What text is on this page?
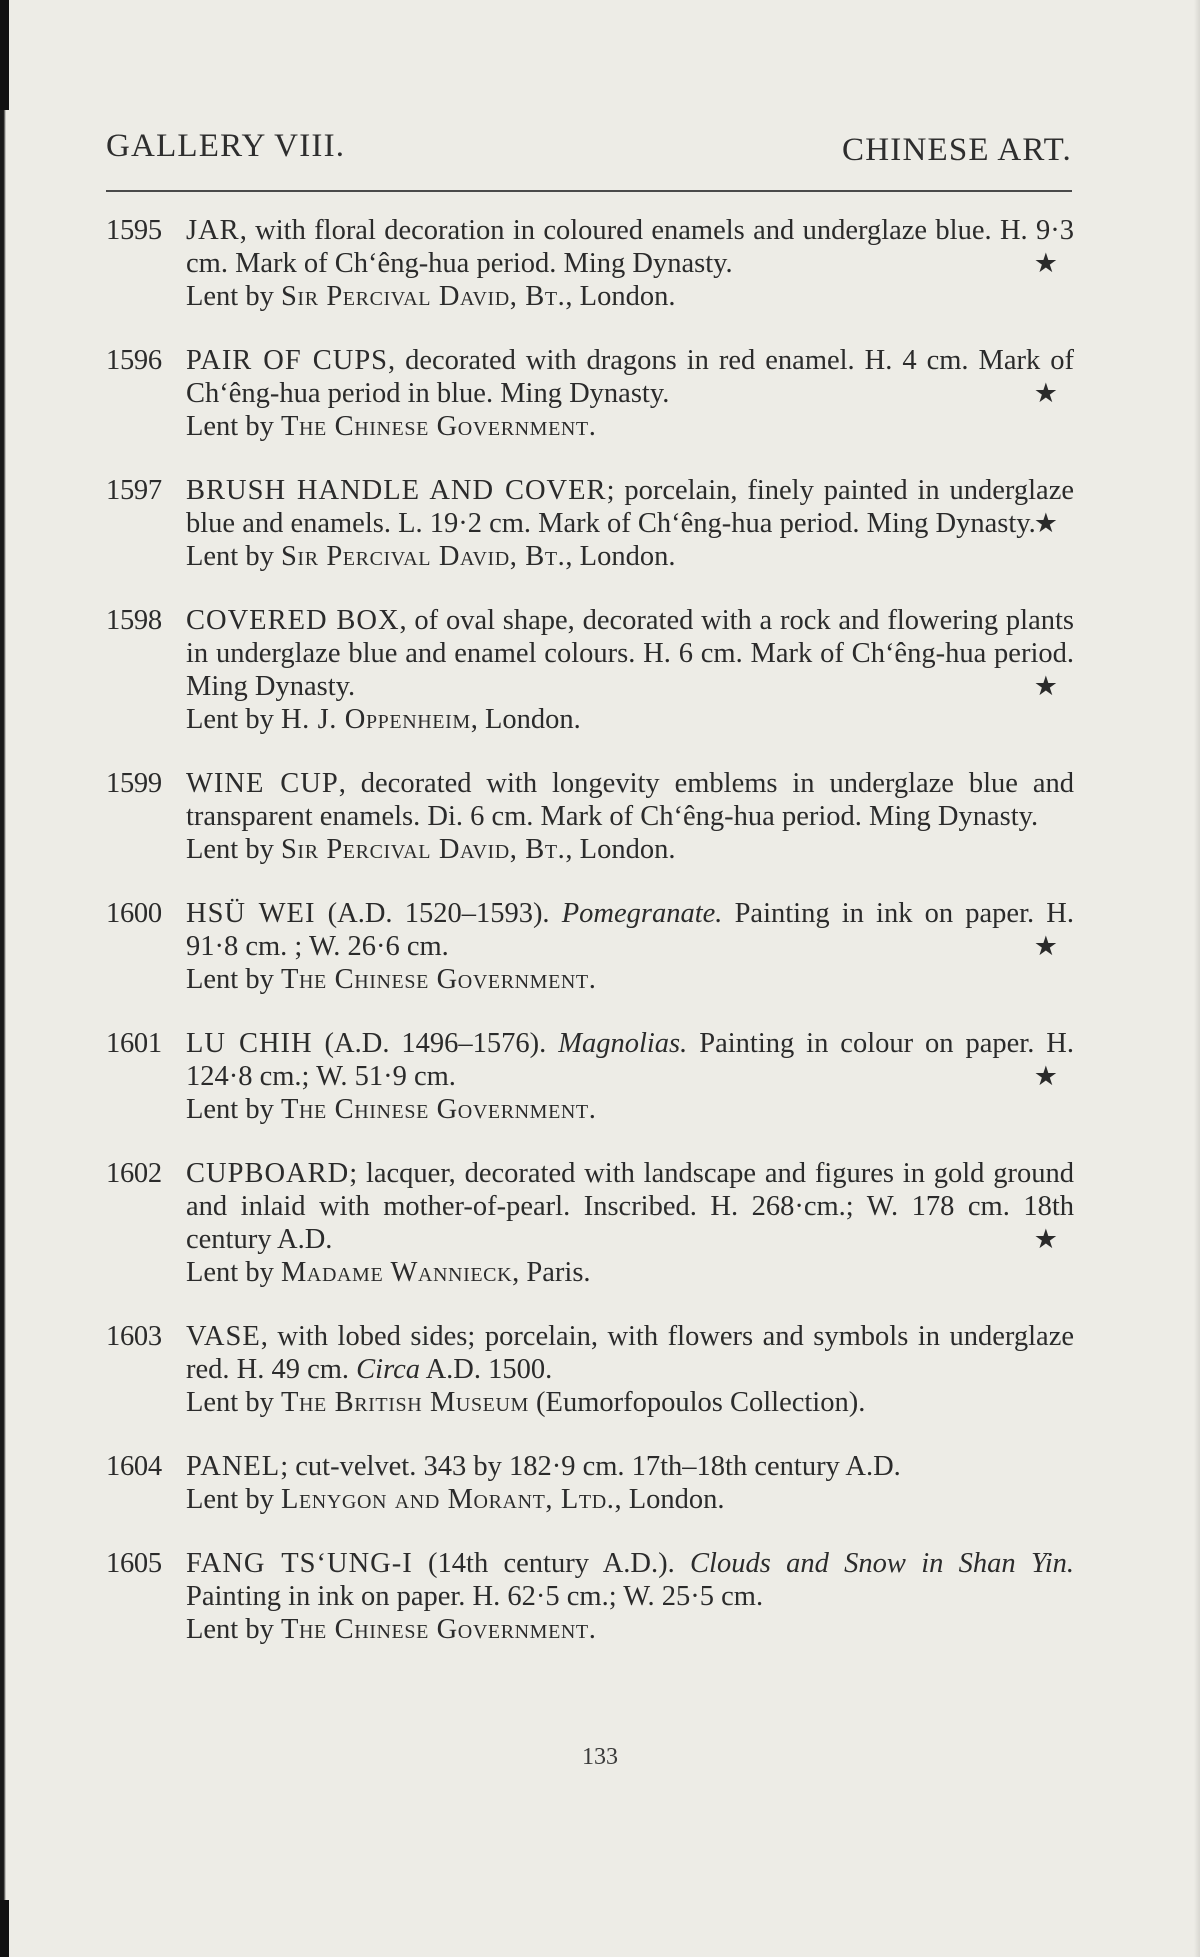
GALLERY VIII.	CHINESE ART.
1595 JAR, with floral decoration in coloured enamels and underglaze blue. H. 9·3 cm. Mark of Ch‘êng-hua period. Ming Dynasty.
Lent by Sir Percival David, Bt., London.
★
1596 PAIR OF CUPS, decorated with dragons in red enamel. H. 4 cm. Mark of Ch‘êng-hua period in blue. Ming Dynasty.
Lent by The Chinese Government.
★
1597 BRUSH HANDLE AND COVER; porcelain, finely painted in underglaze blue and enamels. L. 19·2 cm. Mark of Ch‘êng-hua period. Ming Dynasty.
Lent by Sir Percival David, Bt., London.
★
1598 COVERED BOX, of oval shape, decorated with a rock and flowering plants in underglaze blue and enamel colours. H. 6 cm. Mark of Ch‘êng-hua period. Ming Dynasty.
Lent by H. J. Oppenheim, London.
★
1599 WINE CUP, decorated with longevity emblems in underglaze blue and transparent enamels. Di. 6 cm. Mark of Ch‘êng-hua period. Ming Dynasty.
Lent by Sir Percival David, Bt., London.
1600 HSÜ WEI (A.D. 1520–1593). Pomegranate. Painting in ink on paper. H. 91·8 cm. ; W. 26·6 cm.
Lent by The Chinese Government.
★
1601 LU CHIH (A.D. 1496–1576). Magnolias. Painting in colour on paper. H. 124·8 cm.; W. 51·9 cm.
Lent by The Chinese Government.
★
1602 CUPBOARD; lacquer, decorated with landscape and figures in gold ground and inlaid with mother-of-pearl. Inscribed. H. 268·cm.; W. 178 cm. 18th century A.D.
Lent by Madame Wannieck, Paris.
★
1603 VASE, with lobed sides; porcelain, with flowers and symbols in underglaze red. H. 49 cm. Circa A.D. 1500.
Lent by The British Museum (Eumorfopoulos Collection).
1604 PANEL; cut-velvet. 343 by 182·9 cm. 17th–18th century A.D.
Lent by Lenygon and Morant, Ltd., London.
1605 FANG TS‘UNG-I (14th century A.D.). Clouds and Snow in Shan Yin. Painting in ink on paper. H. 62·5 cm.; W. 25·5 cm.
Lent by The Chinese Government.
133
